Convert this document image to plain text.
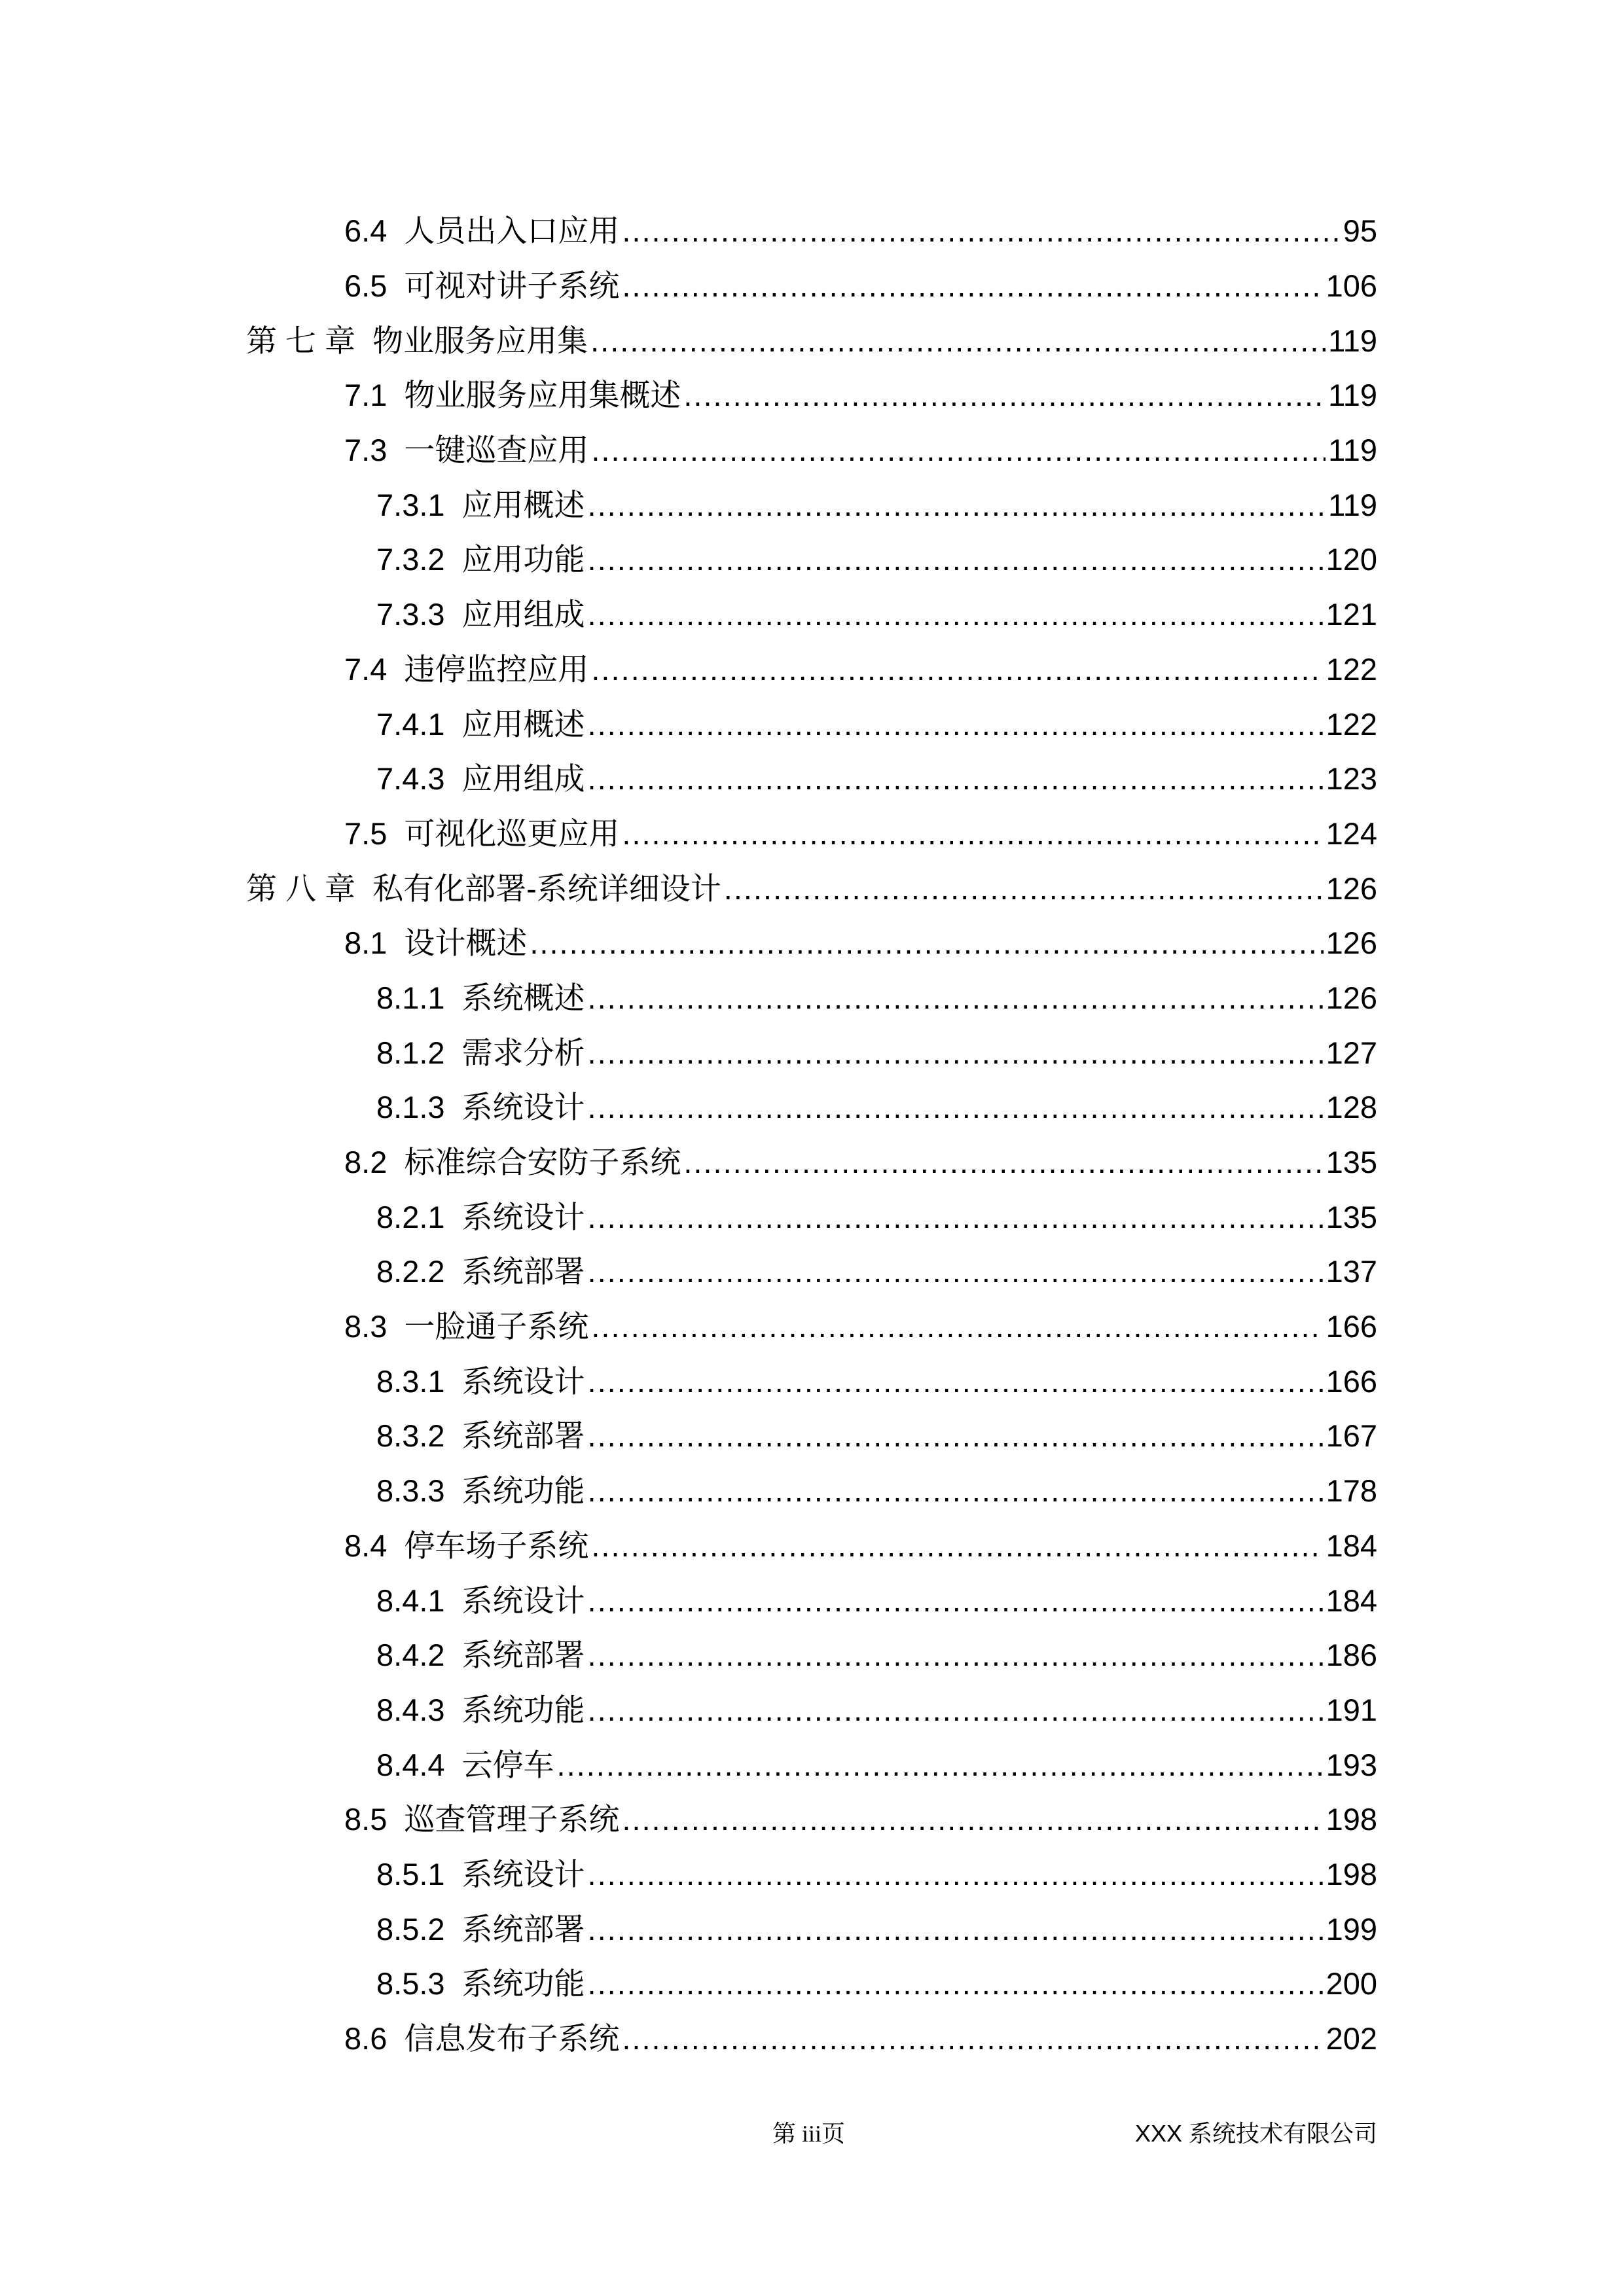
6.4 人员出入口应用 .....	95
6.5 可视对讲子系统 .....	106
第 七 章 物业服务应用集 .....	119
7.1 物业服务应用集概述 .....	119
7.3 一键巡查应用 .....	119
7.3.1 应用概述 .....	119
7.3.2 应用功能 .....	120
7.3.3 应用组成 .....	121
7.4 违停监控应用 .....	122
7.4.1 应用概述 .....	122
7.4.3 应用组成 .....	123
7.5 可视化巡更应用 .....	124
第 八 章 私有化部署-系统详细设计 .....	126
8.1 设计概述 .....	126
8.1.1 系统概述 .....	126
8.1.2 需求分析 .....	127
8.1.3 系统设计 .....	128
8.2 标准综合安防子系统 .....	135
8.2.1 系统设计 .....	135
8.2.2 系统部署 .....	137
8.3 一脸通子系统 .....	166
8.3.1 系统设计 .....	166
8.3.2 系统部署 .....	167
8.3.3 系统功能 .....	178
8.4 停车场子系统 .....	184
8.4.1 系统设计 .....	184
8.4.2 系统部署 .....	186
8.4.3 系统功能 .....	191
8.4.4 云停车 .....	193
8.5 巡查管理子系统 .....	198
8.5.1 系统设计 .....	198
8.5.2 系统部署 .....	199
8.5.3 系统功能 .....	200
8.6 信息发布子系统 .....	202
第 iii页	XXX 系统技术有限公司
